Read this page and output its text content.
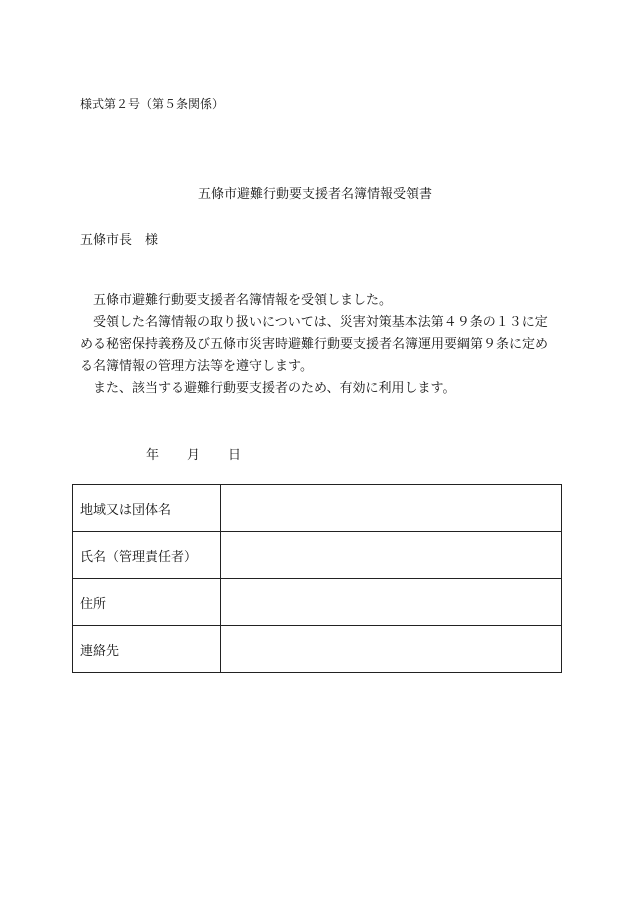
様式第２号（第５条関係）
五條市避難行動要支援者名簿情報受領書
五條市長　様

五條市避難行動要支援者名簿情報を受領しました。

受領した名簿情報の取り扱いについては、災害対策基本法第４９条の１３に定める秘密保持義務及び五條市災害時避難行動要支援者名簿運用要綱第９条に定める名簿情報の管理方法等を遵守します。

また、該当する避難行動要支援者のため、有効に利用します。

年 月 日
地域又は団体名	
氏名（管理責任者）	
住所	
連絡先	
